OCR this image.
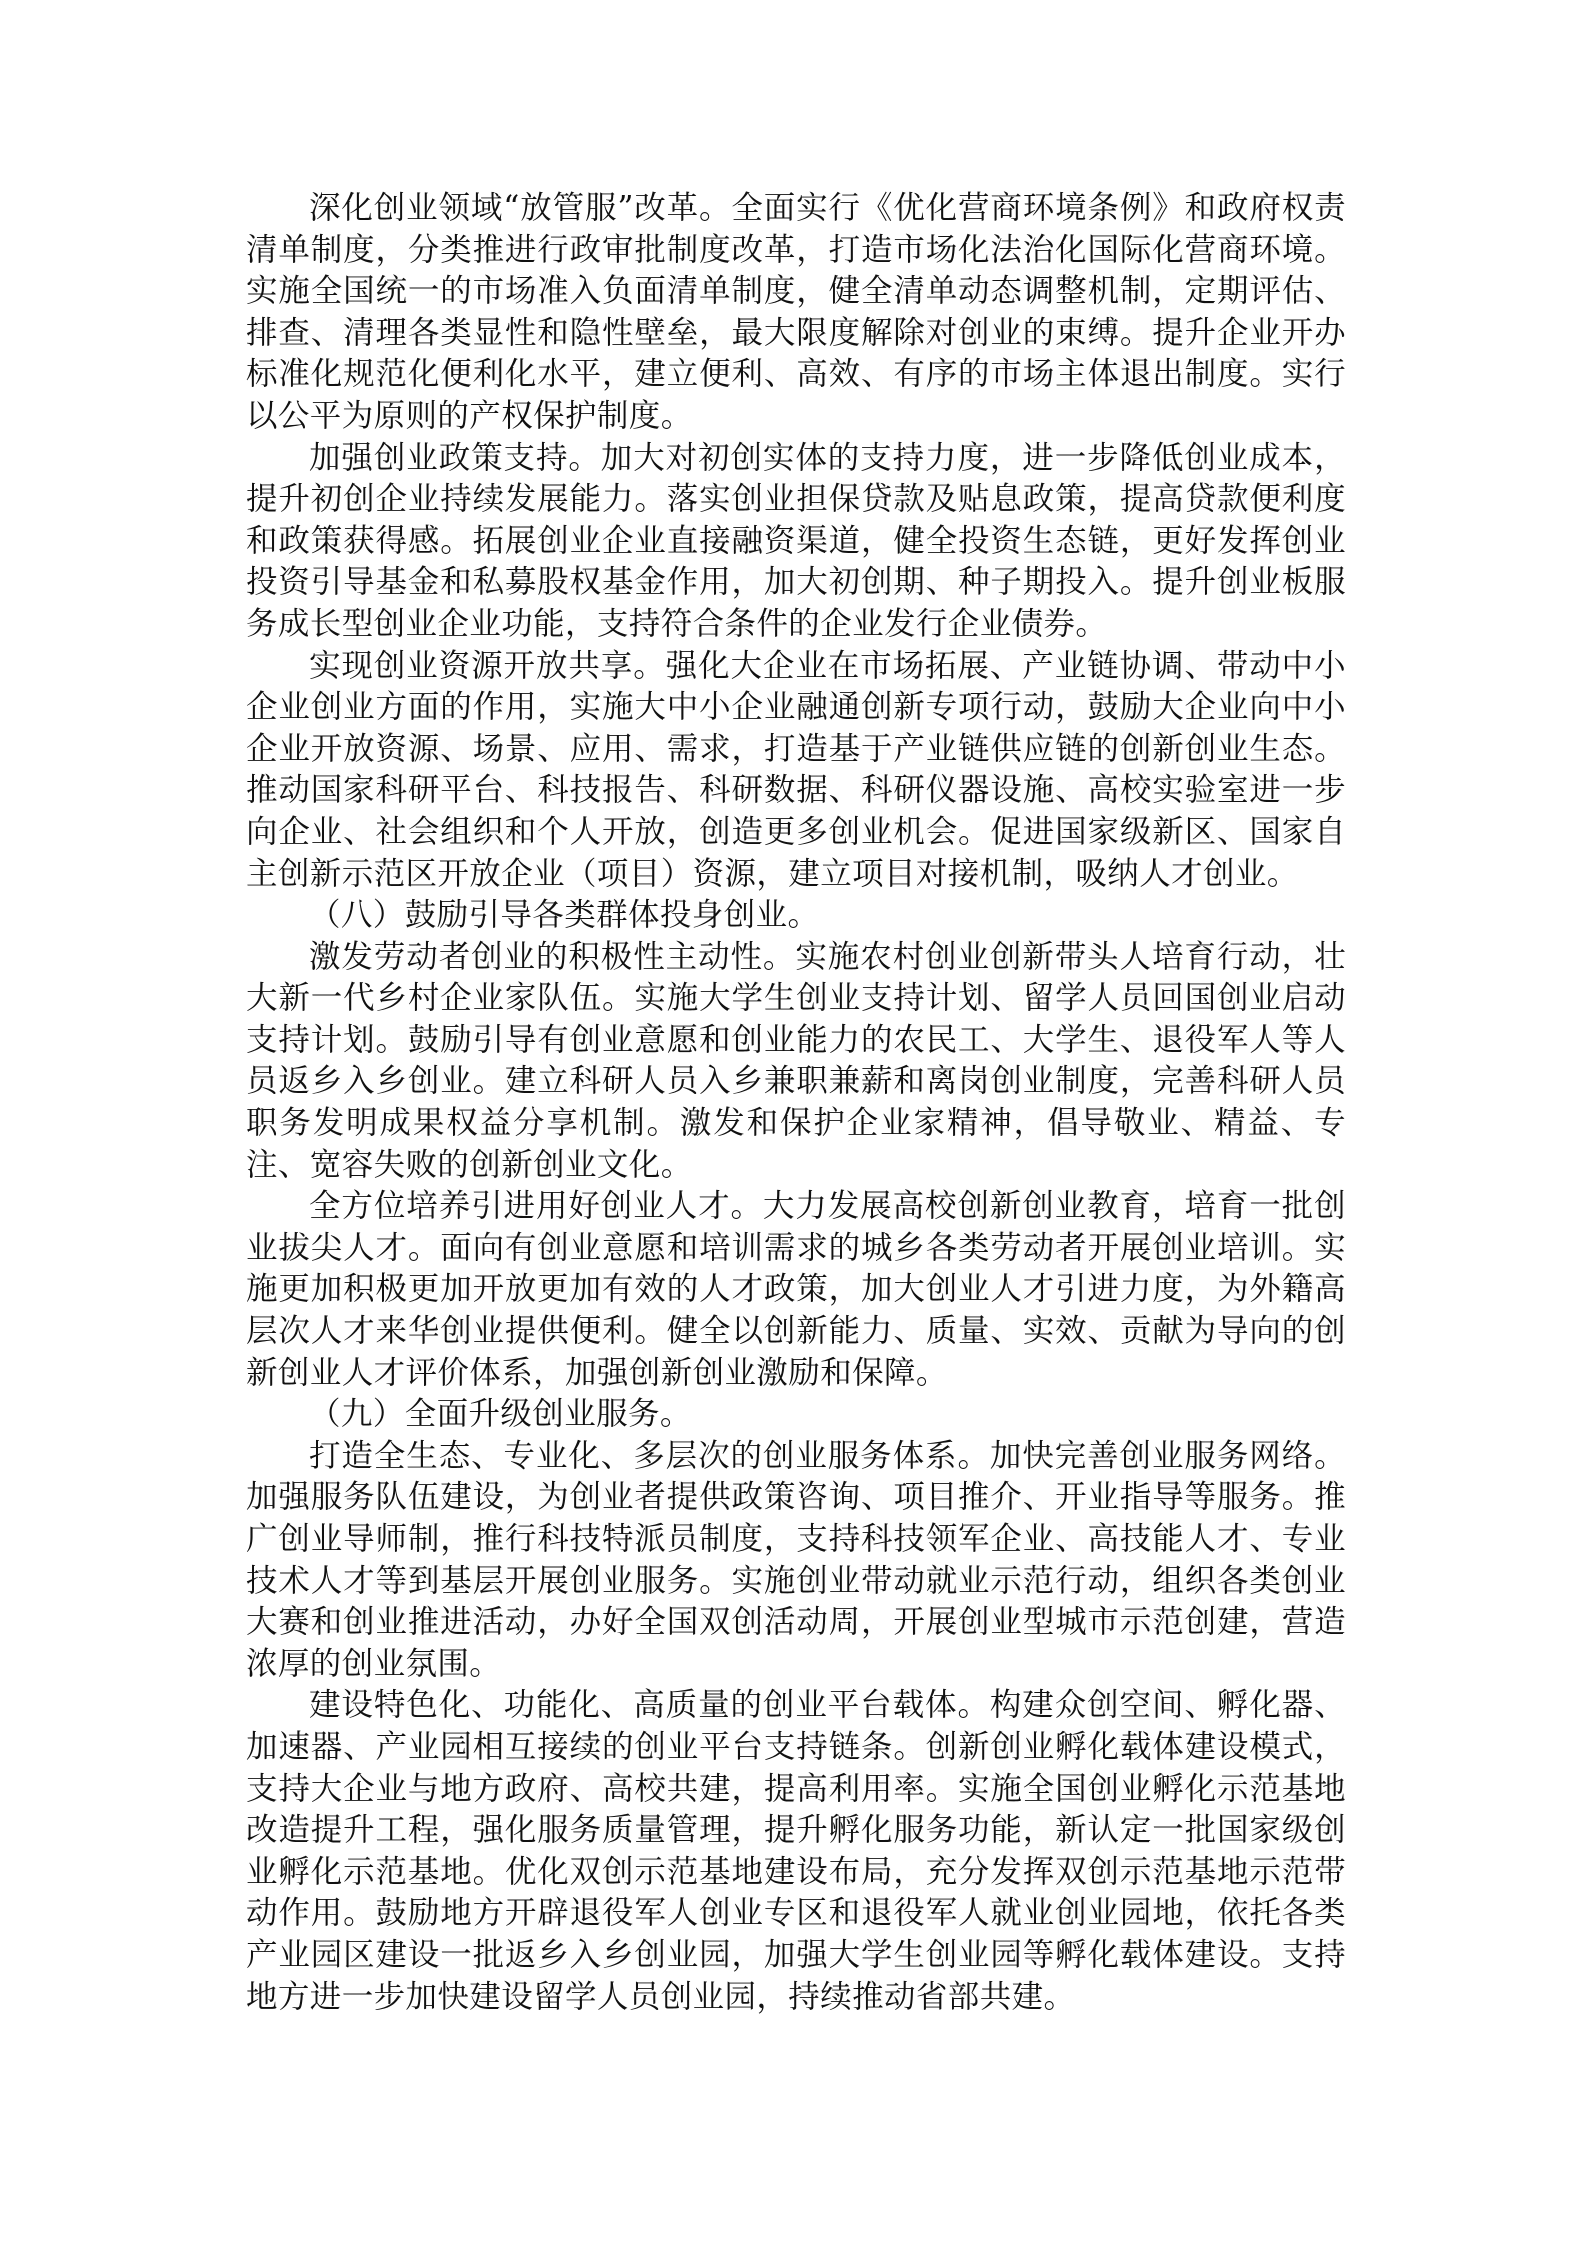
深化创业领域“放管服”改革。全面实行《优化营商环境条例》和政府权责清单制度，分类推进行政审批制度改革，打造市场化法治化国际化营商环境。实施全国统一的市场准入负面清单制度，健全清单动态调整机制，定期评估、排查、清理各类显性和隐性壁垒，最大限度解除对创业的束缚。提升企业开办标准化规范化便利化水平，建立便利、高效、有序的市场主体退出制度。实行以公平为原则的产权保护制度。

加强创业政策支持。加大对初创实体的支持力度，进一步降低创业成本，提升初创企业持续发展能力。落实创业担保贷款及贴息政策，提高贷款便利度和政策获得感。拓展创业企业直接融资渠道，健全投资生态链，更好发挥创业投资引导基金和私募股权基金作用，加大初创期、种子期投入。提升创业板服务成长型创业企业功能，支持符合条件的企业发行企业债券。

实现创业资源开放共享。强化大企业在市场拓展、产业链协调、带动中小企业创业方面的作用，实施大中小企业融通创新专项行动，鼓励大企业向中小企业开放资源、场景、应用、需求，打造基于产业链供应链的创新创业生态。推动国家科研平台、科技报告、科研数据、科研仪器设施、高校实验室进一步向企业、社会组织和个人开放，创造更多创业机会。促进国家级新区、国家自主创新示范区开放企业（项目）资源，建立项目对接机制，吸纳人才创业。

（八）鼓励引导各类群体投身创业。

激发劳动者创业的积极性主动性。实施农村创业创新带头人培育行动，壮大新一代乡村企业家队伍。实施大学生创业支持计划、留学人员回国创业启动支持计划。鼓励引导有创业意愿和创业能力的农民工、大学生、退役军人等人员返乡入乡创业。建立科研人员入乡兼职兼薪和离岗创业制度，完善科研人员职务发明成果权益分享机制。激发和保护企业家精神，倡导敬业、精益、专注、宽容失败的创新创业文化。

全方位培养引进用好创业人才。大力发展高校创新创业教育，培育一批创业拔尖人才。面向有创业意愿和培训需求的城乡各类劳动者开展创业培训。实施更加积极更加开放更加有效的人才政策，加大创业人才引进力度，为外籍高层次人才来华创业提供便利。健全以创新能力、质量、实效、贡献为导向的创新创业人才评价体系，加强创新创业激励和保障。

（九）全面升级创业服务。

打造全生态、专业化、多层次的创业服务体系。加快完善创业服务网络。加强服务队伍建设，为创业者提供政策咨询、项目推介、开业指导等服务。推广创业导师制，推行科技特派员制度，支持科技领军企业、高技能人才、专业技术人才等到基层开展创业服务。实施创业带动就业示范行动，组织各类创业大赛和创业推进活动，办好全国双创活动周，开展创业型城市示范创建，营造浓厚的创业氛围。

建设特色化、功能化、高质量的创业平台载体。构建众创空间、孵化器、加速器、产业园相互接续的创业平台支持链条。创新创业孵化载体建设模式，支持大企业与地方政府、高校共建，提高利用率。实施全国创业孵化示范基地改造提升工程，强化服务质量管理，提升孵化服务功能，新认定一批国家级创业孵化示范基地。优化双创示范基地建设布局，充分发挥双创示范基地示范带动作用。鼓励地方开辟退役军人创业专区和退役军人就业创业园地，依托各类产业园区建设一批返乡入乡创业园，加强大学生创业园等孵化载体建设。支持地方进一步加快建设留学人员创业园，持续推动省部共建。
